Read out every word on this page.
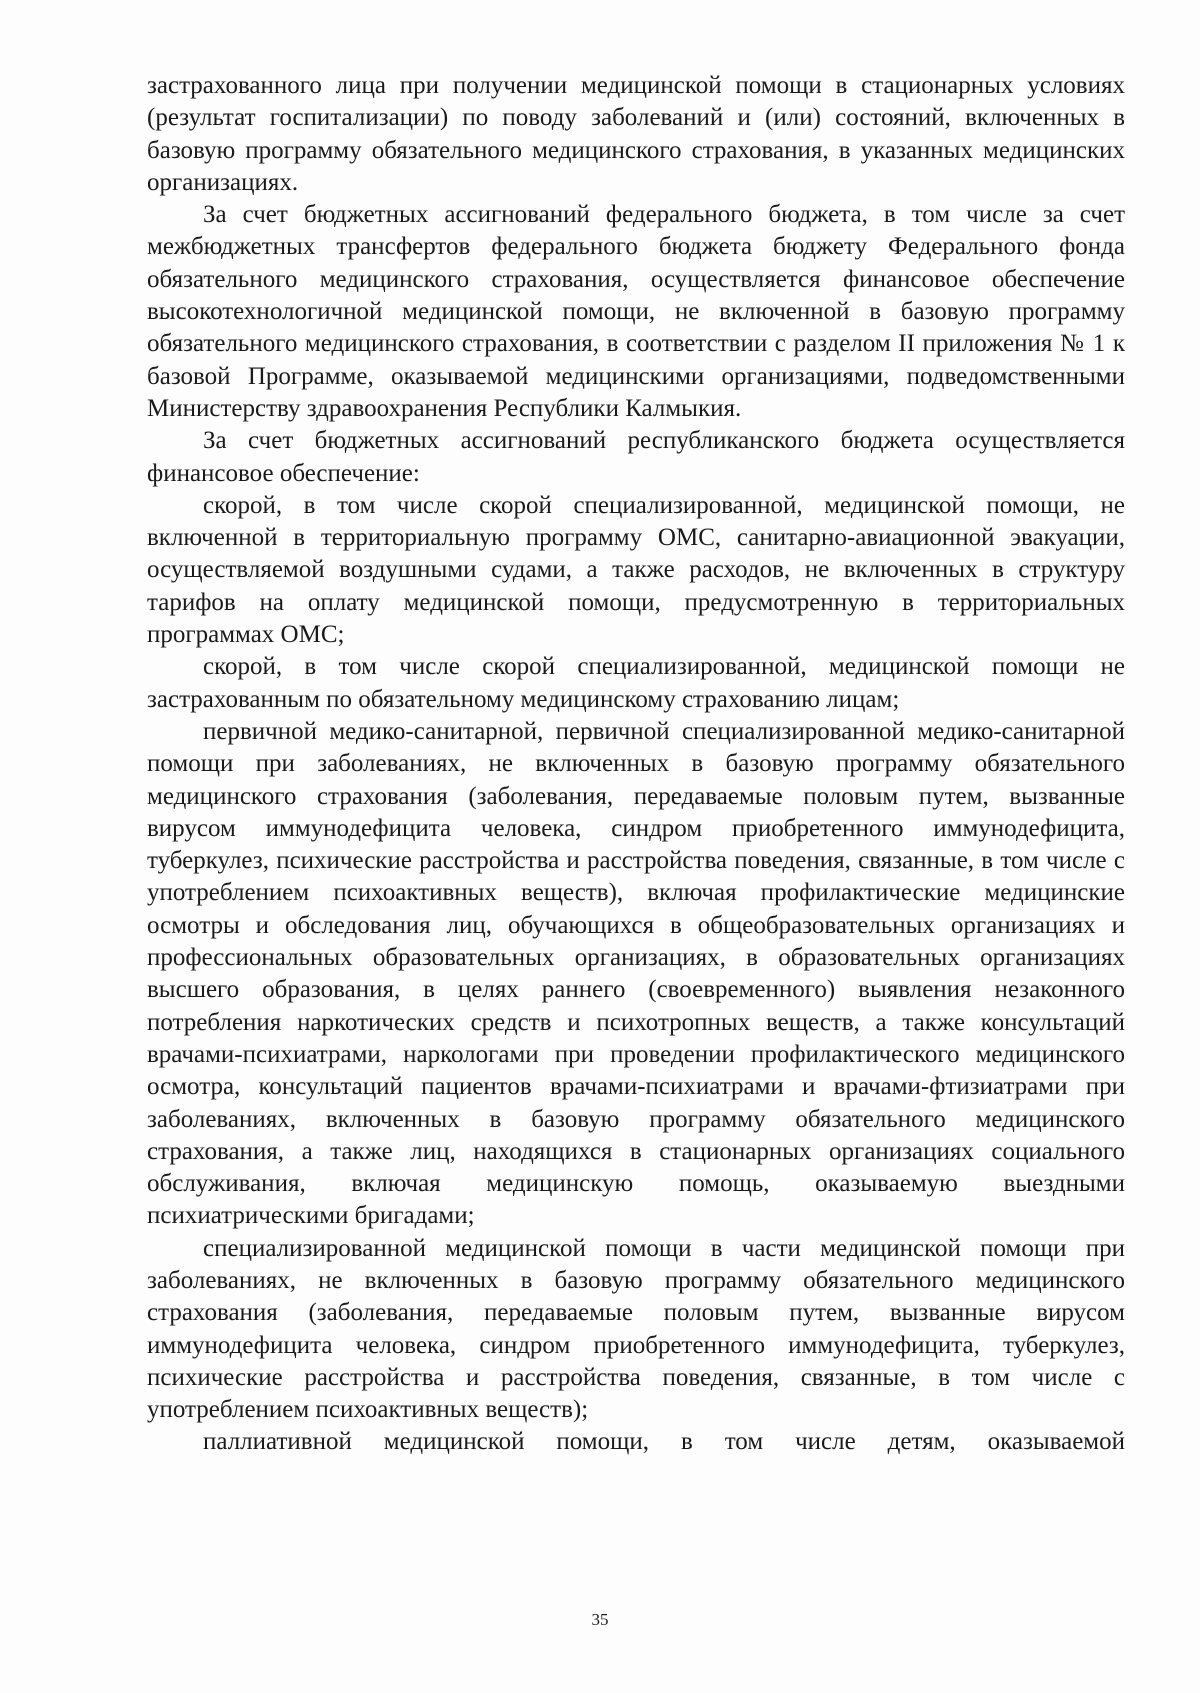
застрахованного лица при получении медицинской помощи в стационарных условиях (результат госпитализации) по поводу заболеваний и (или) состояний, включенных в базовую программу обязательного медицинского страхования, в указанных медицинских организациях.

За счет бюджетных ассигнований федерального бюджета, в том числе за счет межбюджетных трансфертов федерального бюджета бюджету Федерального фонда обязательного медицинского страхования, осуществляется финансовое обеспечение высокотехнологичной медицинской помощи, не включенной в базовую программу обязательного медицинского страхования, в соответствии с разделом II приложения № 1 к базовой Программе, оказываемой медицинскими организациями, подведомственными Министерству здравоохранения Республики Калмыкия.

За счет бюджетных ассигнований республиканского бюджета осуществляется финансовое обеспечение:

скорой, в том числе скорой специализированной, медицинской помощи, не включенной в территориальную программу ОМС, санитарно-авиационной эвакуации, осуществляемой воздушными судами, а также расходов, не включенных в структуру тарифов на оплату медицинской помощи, предусмотренную в территориальных программах ОМС;

скорой, в том числе скорой специализированной, медицинской помощи не застрахованным по обязательному медицинскому страхованию лицам;

первичной медико-санитарной, первичной специализированной медико-санитарной помощи при заболеваниях, не включенных в базовую программу обязательного медицинского страхования (заболевания, передаваемые половым путем, вызванные вирусом иммунодефицита человека, синдром приобретенного иммунодефицита, туберкулез, психические расстройства и расстройства поведения, связанные, в том числе с употреблением психоактивных веществ), включая профилактические медицинские осмотры и обследования лиц, обучающихся в общеобразовательных организациях и профессиональных образовательных организациях, в образовательных организациях высшего образования, в целях раннего (своевременного) выявления незаконного потребления наркотических средств и психотропных веществ, а также консультаций врачами-психиатрами, наркологами при проведении профилактического медицинского осмотра, консультаций пациентов врачами-психиатрами и врачами-фтизиатрами при заболеваниях, включенных в базовую программу обязательного медицинского страхования, а также лиц, находящихся в стационарных организациях социального обслуживания, включая медицинскую помощь, оказываемую выездными психиатрическими бригадами;

специализированной медицинской помощи в части медицинской помощи при заболеваниях, не включенных в базовую программу обязательного медицинского страхования (заболевания, передаваемые половым путем, вызванные вирусом иммунодефицита человека, синдром приобретенного иммунодефицита, туберкулез, психические расстройства и расстройства поведения, связанные, в том числе с употреблением психоактивных веществ);

паллиативной медицинской помощи, в том числе детям, оказываемой

35
